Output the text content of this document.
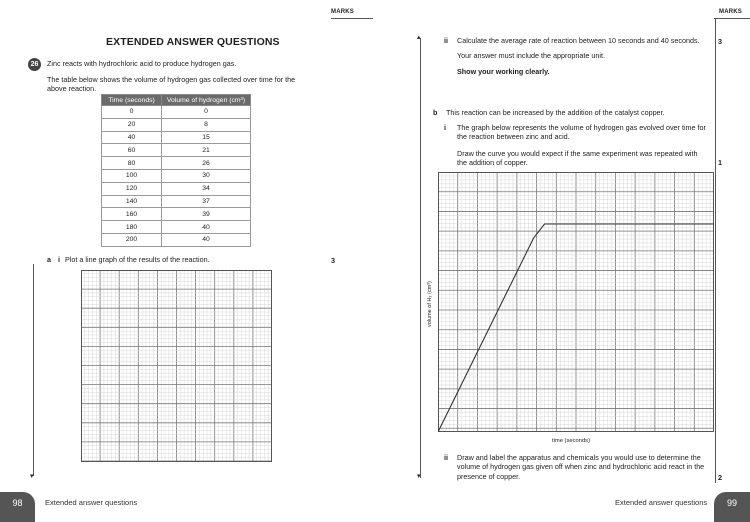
EXTENDED ANSWER QUESTIONS
26	Zinc reacts with hydrochloric acid to produce hydrogen gas.
The table below shows the volume of hydrogen gas collected over time for the
above reaction.
Time (seconds)	Volume of hydrogen (cm³)
0	0
20	8
40	15
60	21
80	26
100	30
120	34
140	37
160	39
180	40
200	40
a i Plot a line graph of the results of the reaction.
▾
98	Extended answer questions
MARKS
3
MARKS
▴
▾
ii Calculate the average rate of reaction between 10 seconds and 40 seconds.	3
Your answer must include the appropriate unit.
Show your working clearly.
b This reaction can be increased by the addition of the catalyst copper.
i The graph below represents the volume of hydrogen gas evolved over time for
the reaction between zinc and acid.
Draw the curve you would expect if the same experiment was repeated with
the addition of copper.	1
volume of H₂ (cm³)
time (seconds)
ii Draw and label the apparatus and chemicals you would use to determine the
volume of hydrogen gas given off when zinc and hydrochloric acid react in the
presence of copper.	2
Extended answer questions	99
